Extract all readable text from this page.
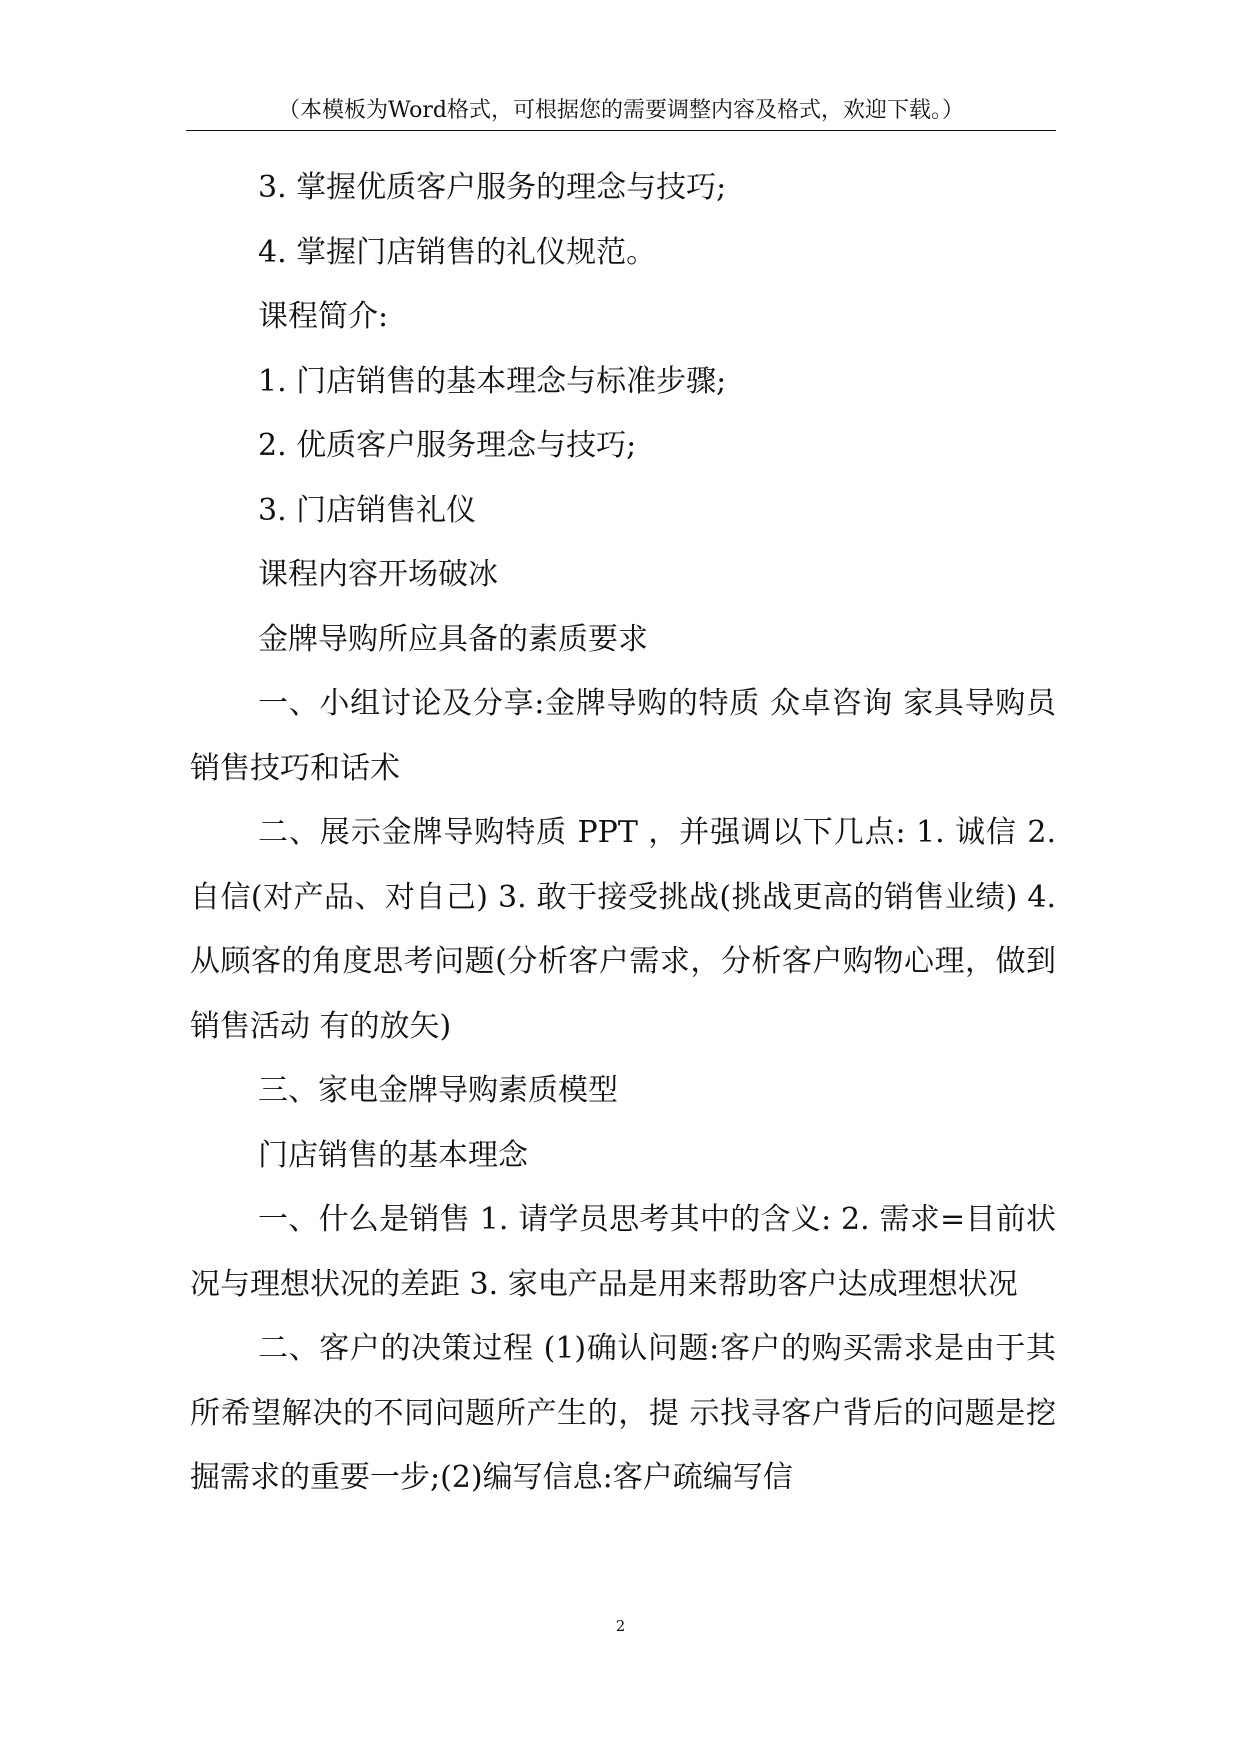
（本模板为Word格式，可根据您的需要调整内容及格式，欢迎下载。）

3. 掌握优质客户服务的理念与技巧;

4. 掌握门店销售的礼仪规范。

课程简介:

1. 门店销售的基本理念与标准步骤;

2. 优质客户服务理念与技巧;

3. 门店销售礼仪

课程内容开场破冰

金牌导购所应具备的素质要求

一、小组讨论及分享:金牌导购的特质 众卓咨询 家具导购员销售技巧和话术

二、展示金牌导购特质 PPT ，并强调以下几点: 1. 诚信 2. 自信(对产品、对自己) 3. 敢于接受挑战(挑战更高的销售业绩) 4. 从顾客的角度思考问题(分析客户需求，分析客户购物心理，做到销售活动 有的放矢)

三、家电金牌导购素质模型

门店销售的基本理念

一、什么是销售 1. 请学员思考其中的含义: 2. 需求=目前状况与理想状况的差距 3. 家电产品是用来帮助客户达成理想状况

二、客户的决策过程 (1)确认问题:客户的购买需求是由于其所希望解决的不同问题所产生的，提 示找寻客户背后的问题是挖掘需求的重要一步;(2)编写信息:客户疏编写信

2
